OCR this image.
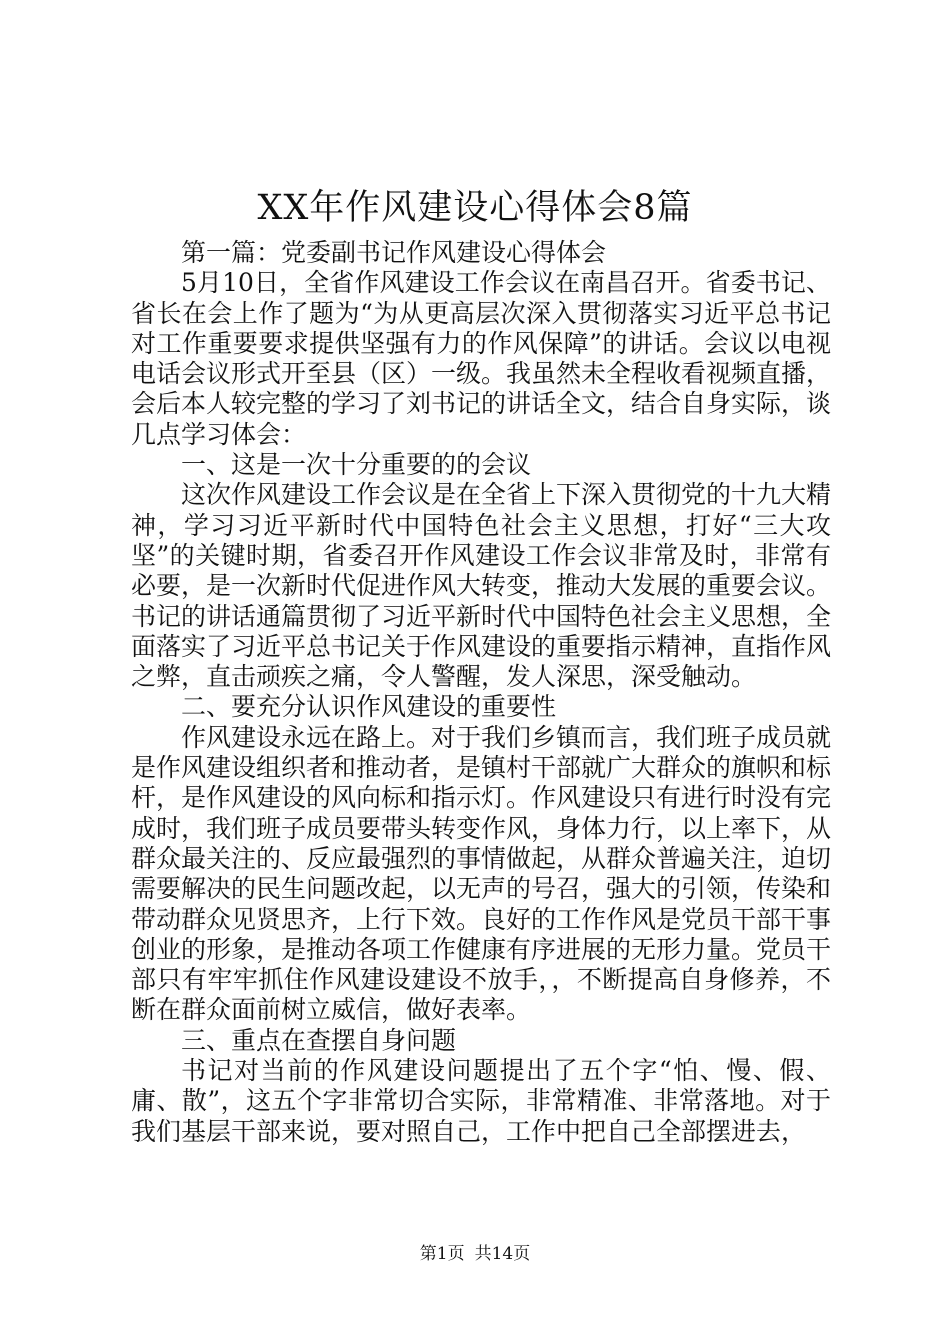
XX年作风建设心得体会8篇

第一篇：党委副书记作风建设心得体会

5月10日，全省作风建设工作会议在南昌召开。省委书记、省长在会上作了题为“为从更高层次深入贯彻落实习近平总书记对工作重要要求提供坚强有力的作风保障”的讲话。会议以电视电话会议形式开至县（区）一级。我虽然未全程收看视频直播，会后本人较完整的学习了刘书记的讲话全文，结合自身实际，谈几点学习体会：

一、这是一次十分重要的的会议

这次作风建设工作会议是在全省上下深入贯彻党的十九大精神，学习习近平新时代中国特色社会主义思想，打好“三大攻坚”的关键时期，省委召开作风建设工作会议非常及时，非常有必要，是一次新时代促进作风大转变，推动大发展的重要会议。书记的讲话通篇贯彻了习近平新时代中国特色社会主义思想，全面落实了习近平总书记关于作风建设的重要指示精神，直指作风之弊，直击顽疾之痛，令人警醒，发人深思，深受触动。

二、要充分认识作风建设的重要性

作风建设永远在路上。对于我们乡镇而言，我们班子成员就是作风建设组织者和推动者，是镇村干部就广大群众的旗帜和标杆，是作风建设的风向标和指示灯。作风建设只有进行时没有完成时，我们班子成员要带头转变作风，身体力行，以上率下，从群众最关注的、反应最强烈的事情做起，从群众普遍关注，迫切需要解决的民生问题改起，以无声的号召，强大的引领，传染和带动群众见贤思齐，上行下效。良好的工作作风是党员干部干事创业的形象，是推动各项工作健康有序进展的无形力量。党员干部只有牢牢抓住作风建设建设不放手，，不断提高自身修养，不断在群众面前树立威信，做好表率。

三、重点在查摆自身问题

书记对当前的作风建设问题提出了五个字“怕、慢、假、庸、散”，这五个字非常切合实际，非常精准、非常落地。对于我们基层干部来说，要对照自己，工作中把自己全部摆进去，

第1页 共14页
